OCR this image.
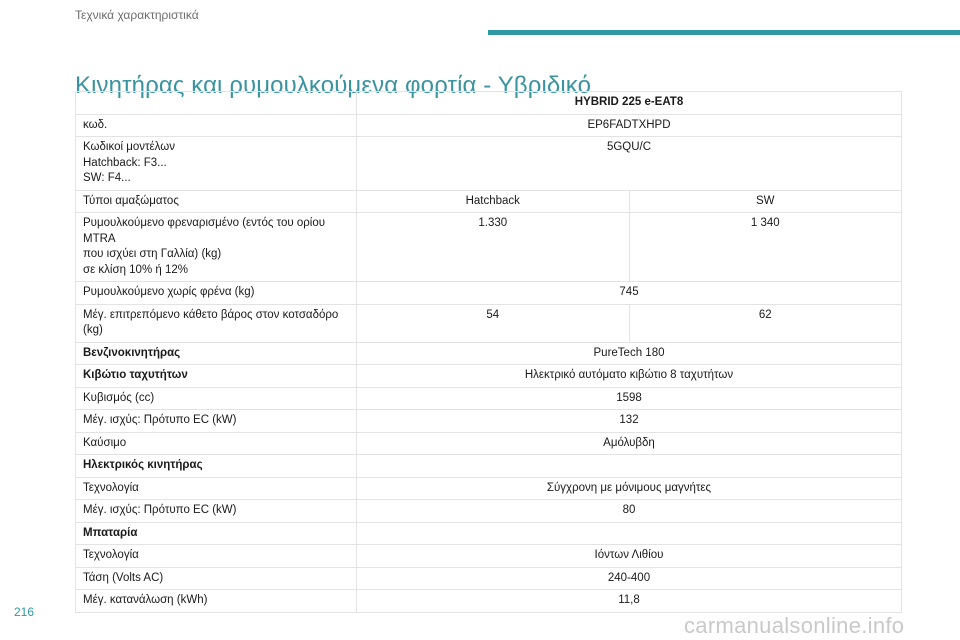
Τεχνικά χαρακτηριστικά
Κινητήρας και ρυμουλκούμενα φορτία - Υβριδικό
	HYBRID 225 e-EAT8	
κωδ.	EP6FADTXHPD	

Κωδικοί μοντέλων
Hatchback: F3...
SW: F4...	5GQU/C	
Τύποι αμαξώματος	Hatchback	SW

Ρυμουλκούμενο φρεναρισμένο (εντός του ορίου MTRA
που ισχύει στη Γαλλία) (kg)
σε κλίση 10% ή 12%	1.330	1 340
Ρυμουλκούμενο χωρίς φρένα (kg)	745	
Μέγ. επιτρεπόμενο κάθετο βάρος στον κοτσαδόρο (kg)	54	62
Βενζινοκινητήρας	PureTech 180	
Κιβώτιο ταχυτήτων	Ηλεκτρικό αυτόματο κιβώτιο 8 ταχυτήτων	
Κυβισμός (cc)	1598	
Μέγ. ισχύς: Πρότυπο EC (kW)	132	
Καύσιμο	Αμόλυβδη	
Ηλεκτρικός κινητήρας		
Τεχνολογία	Σύγχρονη με μόνιμους μαγνήτες	
Μέγ. ισχύς: Πρότυπο EC (kW)	80	
Μπαταρία		
Τεχνολογία	Ιόντων Λιθίου	
Τάση (Volts AC)	240-400	
Μέγ. κατανάλωση (kWh)	11,8	
216
carmanualsonline.info
